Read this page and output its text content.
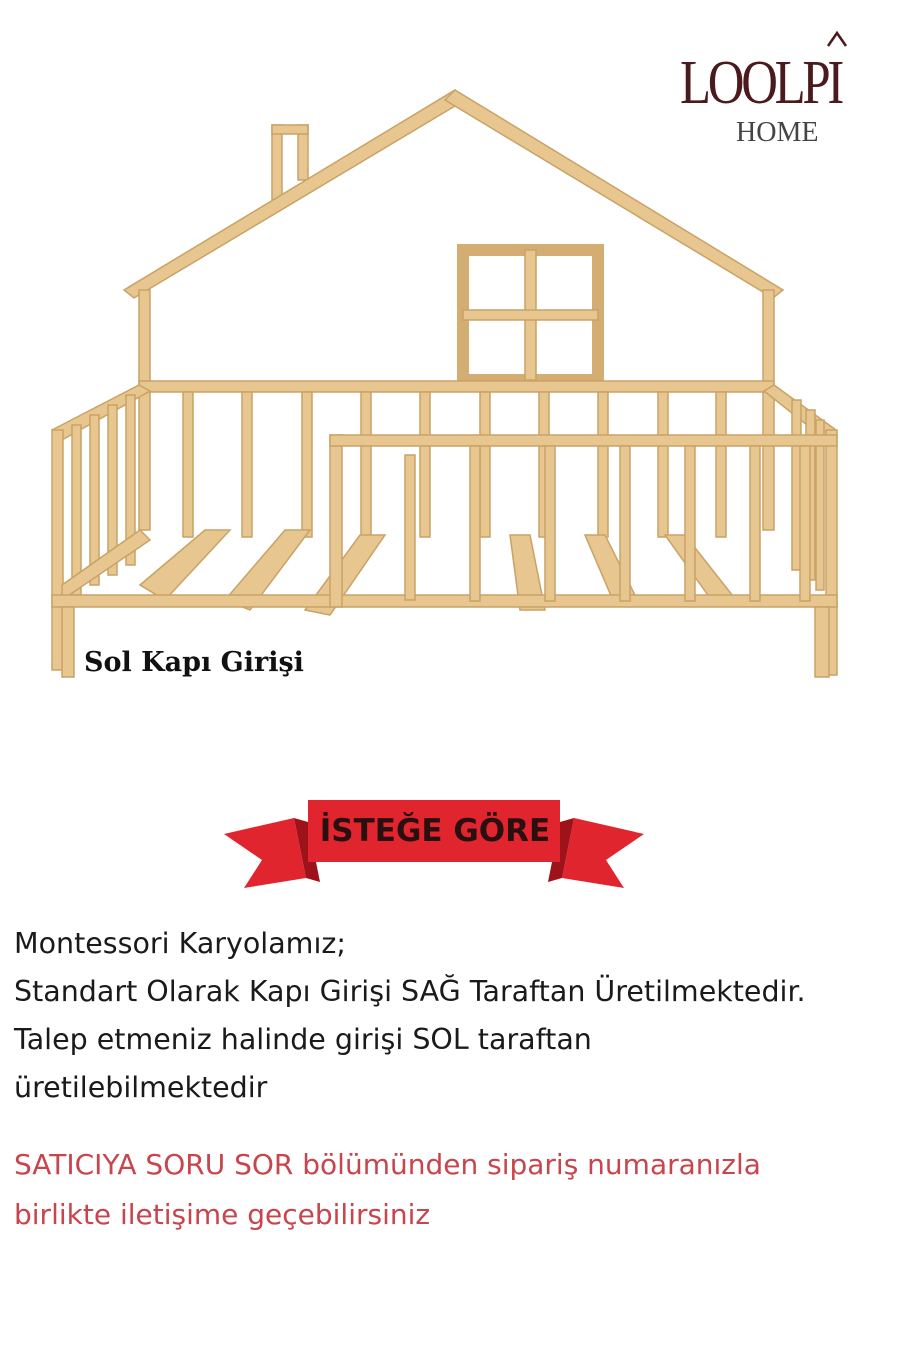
LOOLPI
HOME
Sol Kapı Girişi
İSTEĞE GÖRE
Montessori Karyolamız;
Standart Olarak Kapı Girişi SAĞ Taraftan Üretilmektedir.
Talep etmeniz halinde girişi SOL taraftan
üretilebilmektedir
SATICIYA SORU SOR bölümünden sipariş numaranızla
birlikte iletişime geçebilirsiniz
